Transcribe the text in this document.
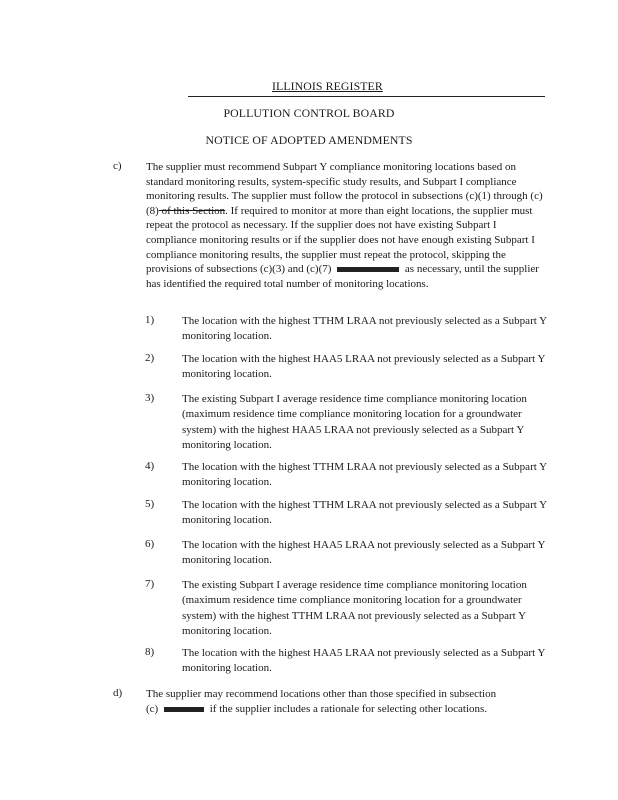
ILLINOIS REGISTER
POLLUTION CONTROL BOARD
NOTICE OF ADOPTED AMENDMENTS
c) The supplier must recommend Subpart Y compliance monitoring locations based on standard monitoring results, system-specific study results, and Subpart I compliance monitoring results. The supplier must follow the protocol in subsections (c)(1) through (c)(8) of this Section. If required to monitor at more than eight locations, the supplier must repeat the protocol as necessary. If the supplier does not have existing Subpart I compliance monitoring results or if the supplier does not have enough existing Subpart I compliance monitoring results, the supplier must repeat the protocol, skipping the provisions of subsections (c)(3) and (c)(7)	as necessary, until the supplier has identified the required total number of monitoring locations.
1)	The location with the highest TTHM LRAA not previously selected as a Subpart Y monitoring location.
2)	The location with the highest HAA5 LRAA not previously selected as a Subpart Y monitoring location.
3)	The existing Subpart I average residence time compliance monitoring location (maximum residence time compliance monitoring location for a groundwater system) with the highest HAA5 LRAA not previously selected as a Subpart Y monitoring location.
4)	The location with the highest TTHM LRAA not previously selected as a Subpart Y monitoring location.
5)	The location with the highest TTHM LRAA not previously selected as a Subpart Y monitoring location.
6)	The location with the highest HAA5 LRAA not previously selected as a Subpart Y monitoring location.
7)	The existing Subpart I average residence time compliance monitoring location (maximum residence time compliance monitoring location for a groundwater system) with the highest TTHM LRAA not previously selected as a Subpart Y monitoring location.
8)	The location with the highest HAA5 LRAA not previously selected as a Subpart Y monitoring location.
d) The supplier may recommend locations other than those specified in subsection
(c)	if the supplier includes a rationale for selecting other locations.
